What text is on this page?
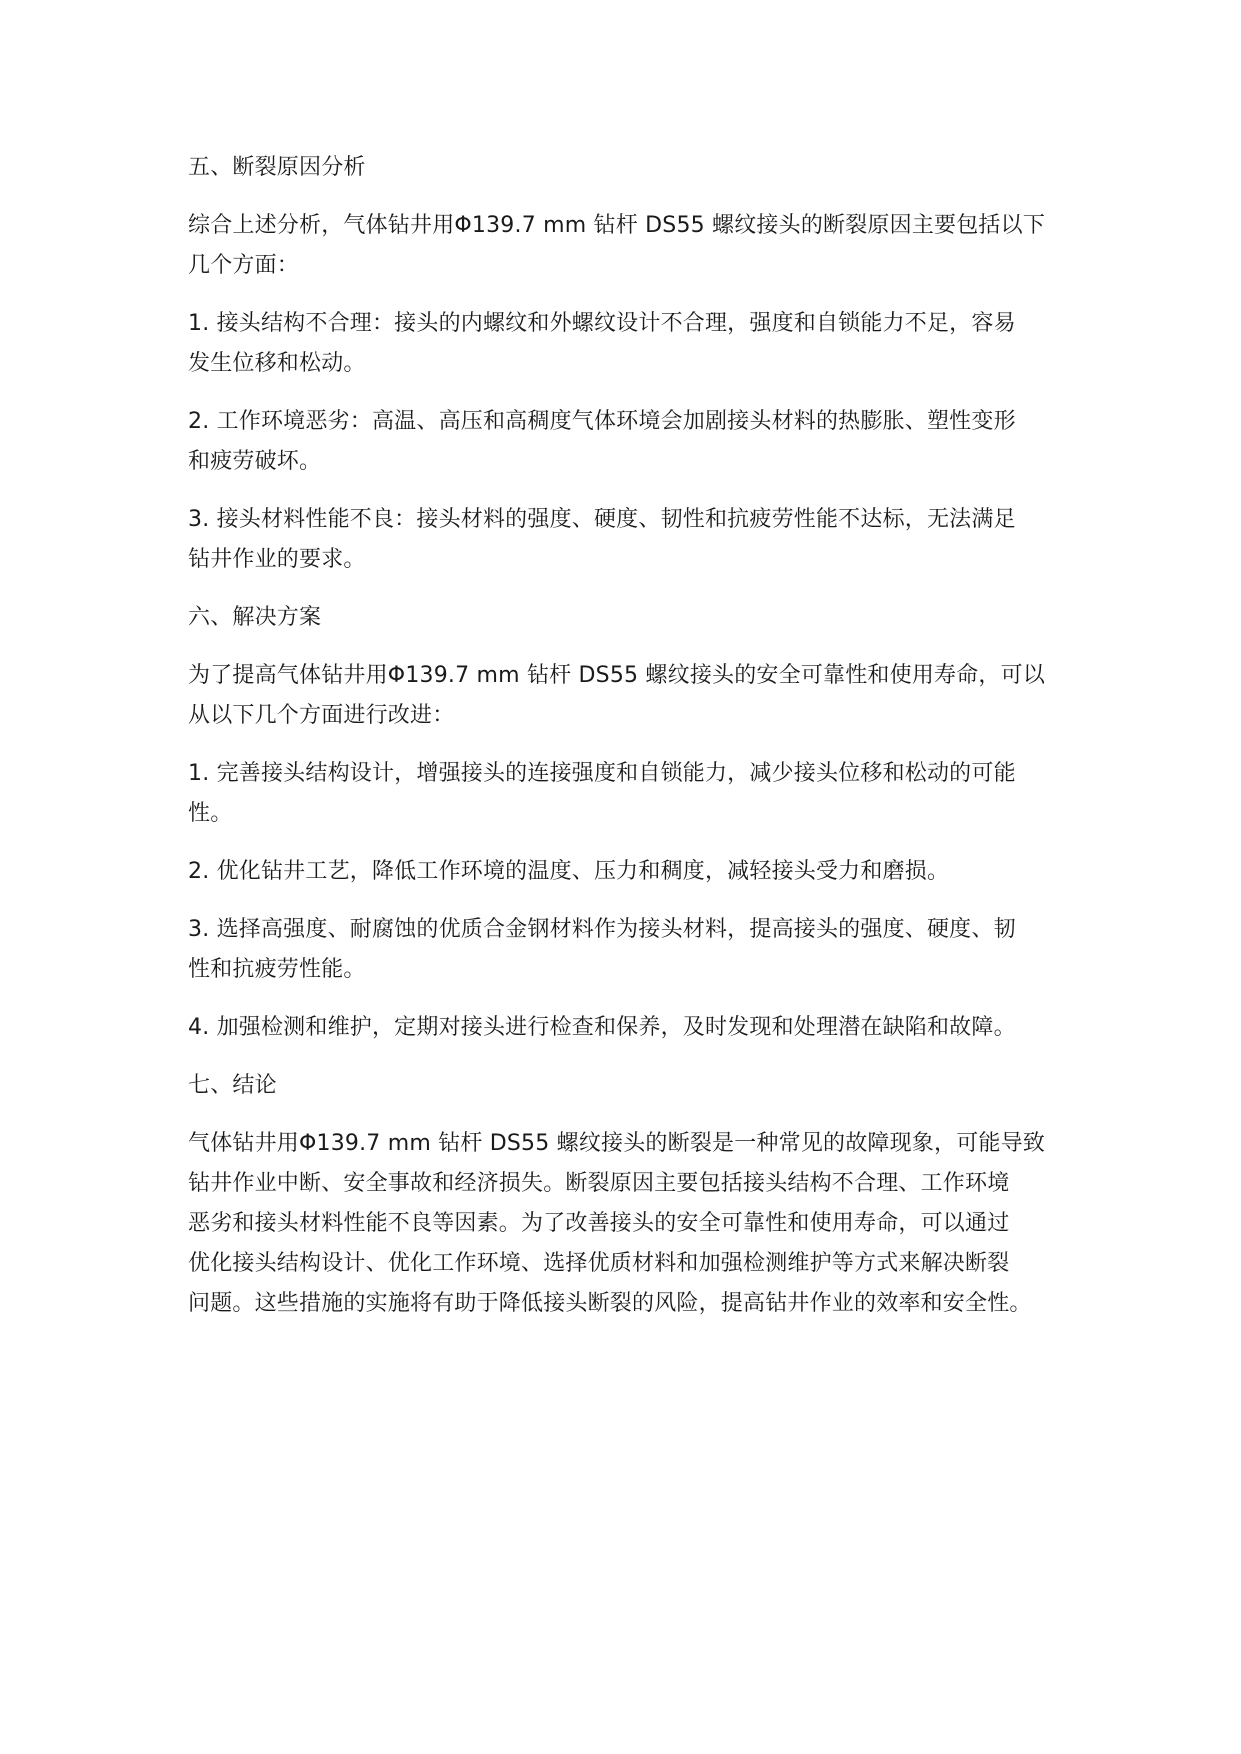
五、断裂原因分析
综合上述分析，气体钻井用Φ139.7 mm 钻杆 DS55 螺纹接头的断裂原因主要包括以下
几个方面：
1. 接头结构不合理：接头的内螺纹和外螺纹设计不合理，强度和自锁能力不足，容易
发生位移和松动。
2. 工作环境恶劣：高温、高压和高稠度气体环境会加剧接头材料的热膨胀、塑性变形
和疲劳破坏。
3. 接头材料性能不良：接头材料的强度、硬度、韧性和抗疲劳性能不达标，无法满足
钻井作业的要求。
六、解决方案
为了提高气体钻井用Φ139.7 mm 钻杆 DS55 螺纹接头的安全可靠性和使用寿命，可以
从以下几个方面进行改进：
1. 完善接头结构设计，增强接头的连接强度和自锁能力，减少接头位移和松动的可能
性。
2. 优化钻井工艺，降低工作环境的温度、压力和稠度，减轻接头受力和磨损。
3. 选择高强度、耐腐蚀的优质合金钢材料作为接头材料，提高接头的强度、硬度、韧
性和抗疲劳性能。
4. 加强检测和维护，定期对接头进行检查和保养，及时发现和处理潜在缺陷和故障。
七、结论
气体钻井用Φ139.7 mm 钻杆 DS55 螺纹接头的断裂是一种常见的故障现象，可能导致
钻井作业中断、安全事故和经济损失。断裂原因主要包括接头结构不合理、工作环境
恶劣和接头材料性能不良等因素。为了改善接头的安全可靠性和使用寿命，可以通过
优化接头结构设计、优化工作环境、选择优质材料和加强检测维护等方式来解决断裂
问题。这些措施的实施将有助于降低接头断裂的风险，提高钻井作业的效率和安全性。
